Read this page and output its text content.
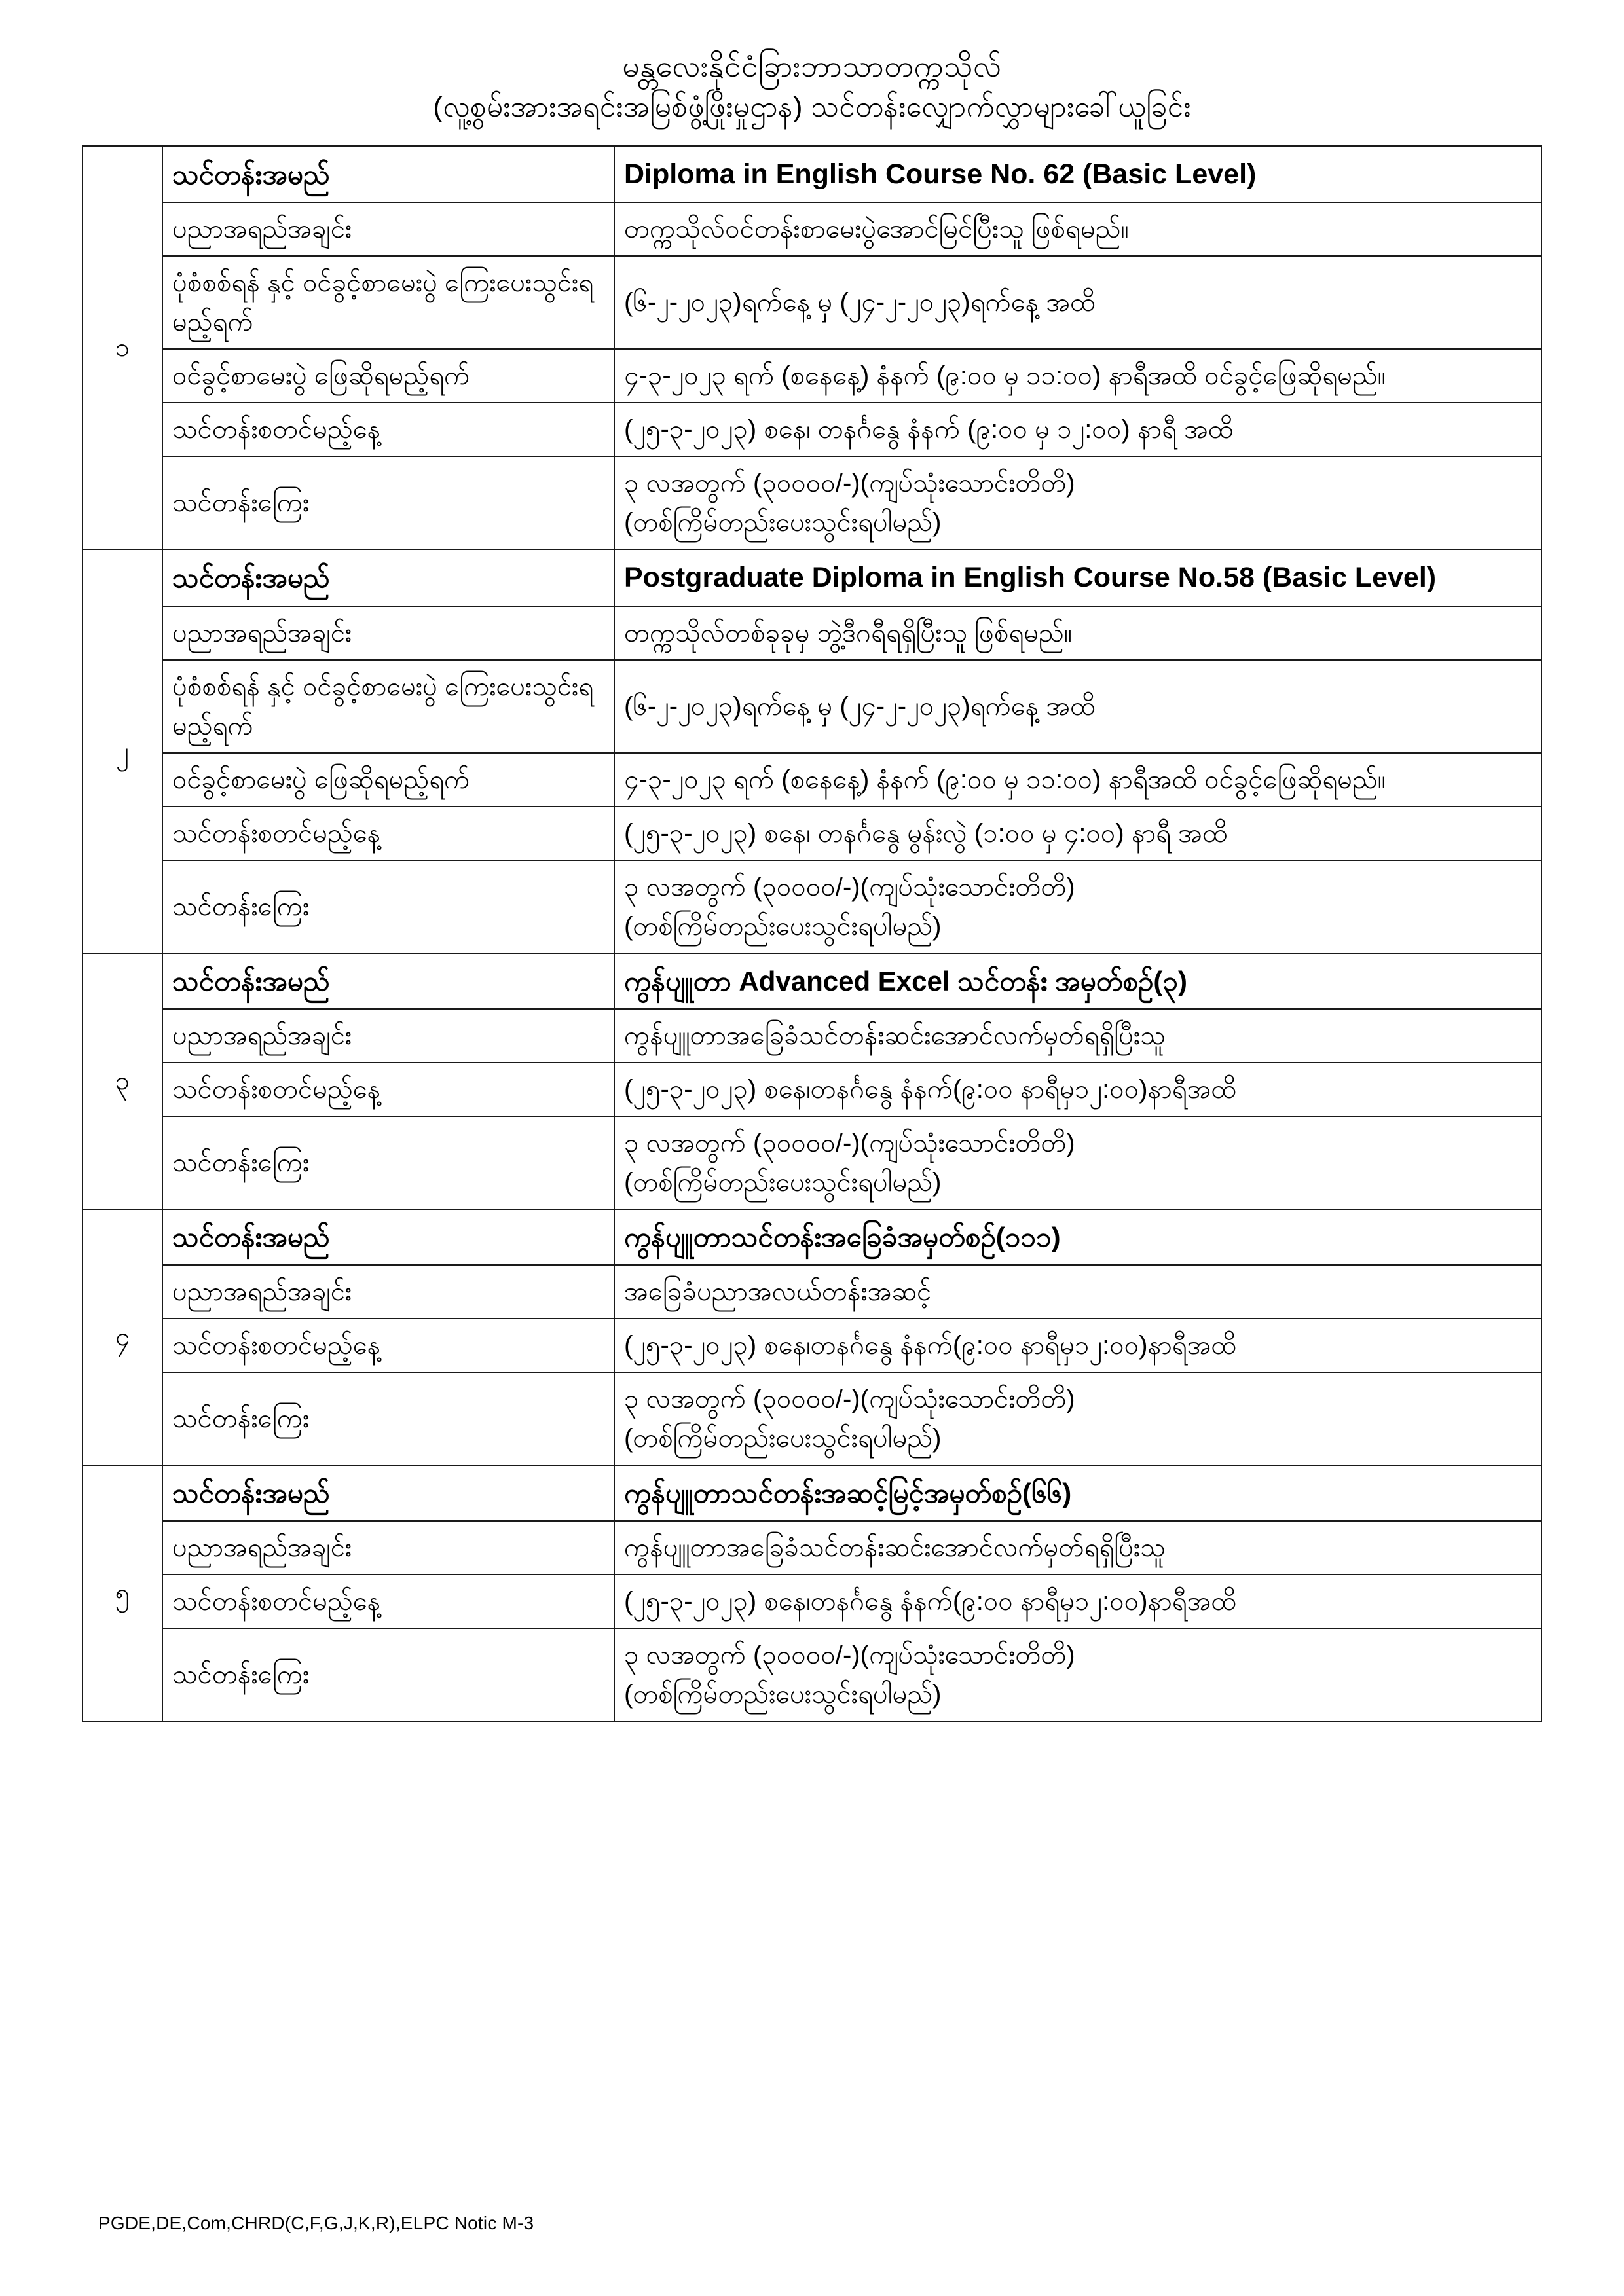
မန္တလေးနိုင်ငံခြားဘာသာတက္ကသိုလ်
(လူ့စွမ်းအားအရင်းအမြစ်ဖွံ့ဖြိုးမှုဌာန) သင်တန်းလျှောက်လွှာများခေါ်ယူခြင်း
၁	သင်တန်းအမည်	Diploma in English Course No. 62 (Basic Level)

	ပညာအရည်အချင်း	တက္ကသိုလ်ဝင်တန်းစာမေးပွဲအောင်မြင်ပြီးသူ ဖြစ်ရမည်။

	ပုံစံစစ်ရန် နှင့် ဝင်ခွင့်စာမေးပွဲ ကြေးပေးသွင်းရမည့်ရက်	(၆-၂-၂၀၂၃)ရက်နေ့ မှ (၂၄-၂-၂၀၂၃)ရက်နေ့ အထိ

	ဝင်ခွင့်စာမေးပွဲ ဖြေဆိုရမည့်ရက်	၄-၃-၂၀၂၃ ရက် (စနေနေ့) နံနက် (၉:၀၀ မှ ၁၁:၀၀) နာရီအထိ ဝင်ခွင့်ဖြေဆိုရမည်။

	သင်တန်းစတင်မည့်နေ့	(၂၅-၃-၂၀၂၃) စနေ၊ တနင်္ဂနွေ နံနက် (၉:၀၀ မှ ၁၂:၀၀) နာရီ အထိ

	သင်တန်းကြေး	၃ လအတွက် (၃၀၀၀၀/-)(ကျပ်သုံးသောင်းတိတိ)
(တစ်ကြိမ်တည်းပေးသွင်းရပါမည်)

၂	သင်တန်းအမည်	Postgraduate Diploma in English Course No.58 (Basic Level)

	ပညာအရည်အချင်း	တက္ကသိုလ်တစ်ခုခုမှ ဘွဲ့ဒီဂရီရရှိပြီးသူ ဖြစ်ရမည်။

	ပုံစံစစ်ရန် နှင့် ဝင်ခွင့်စာမေးပွဲ ကြေးပေးသွင်းရမည့်ရက်	(၆-၂-၂၀၂၃)ရက်နေ့ မှ (၂၄-၂-၂၀၂၃)ရက်နေ့ အထိ

	ဝင်ခွင့်စာမေးပွဲ ဖြေဆိုရမည့်ရက်	၄-၃-၂၀၂၃ ရက် (စနေနေ့) နံနက် (၉:၀၀ မှ ၁၁:၀၀) နာရီအထိ ဝင်ခွင့်ဖြေဆိုရမည်။

	သင်တန်းစတင်မည့်နေ့	(၂၅-၃-၂၀၂၃) စနေ၊ တနင်္ဂနွေ မွန်းလွဲ (၁:၀၀ မှ ၄:၀၀) နာရီ အထိ

	သင်တန်းကြေး	၃ လအတွက် (၃၀၀၀၀/-)(ကျပ်သုံးသောင်းတိတိ)
(တစ်ကြိမ်တည်းပေးသွင်းရပါမည်)

၃	သင်တန်းအမည်	ကွန်ပျူ​တာ Advanced Excel သင်တန်း အမှတ်စဉ်(၃)

	ပညာအရည်အချင်း	ကွန်ပျူ​တာအခြေခံသင်တန်းဆင်းအောင်လက်မှတ်ရရှိပြီးသူ

	သင်တန်းစတင်မည့်နေ့	(၂၅-၃-၂၀၂၃) စနေ၊တနင်္ဂနွေ နံနက်(၉:၀၀ နာရီမှ၁၂:၀၀)နာရီအထိ

	သင်တန်းကြေး	၃ လအတွက် (၃၀၀၀၀/-)(ကျပ်သုံးသောင်းတိတိ)
(တစ်ကြိမ်တည်းပေးသွင်းရပါမည်)

၄	သင်တန်းအမည်	ကွန်ပျူ​တာသင်တန်းအခြေခံအမှတ်စဉ်(၁၁၁)

	ပညာအရည်အချင်း	အခြေခံပညာအလယ်တန်းအဆင့်

	သင်တန်းစတင်မည့်နေ့	(၂၅-၃-၂၀၂၃) စနေ၊တနင်္ဂနွေ နံနက်(၉:၀၀ နာရီမှ၁၂:၀၀)နာရီအထိ

	သင်တန်းကြေး	၃ လအတွက် (၃၀၀၀၀/-)(ကျပ်သုံးသောင်းတိတိ)
(တစ်ကြိမ်တည်းပေးသွင်းရပါမည်)

၅	သင်တန်းအမည်	ကွန်ပျူ​တာသင်တန်းအဆင့်မြင့်အမှတ်စဉ်(၆၆)

	ပညာအရည်အချင်း	ကွန်ပျူ​တာအခြေခံသင်တန်းဆင်းအောင်လက်မှတ်ရရှိပြီးသူ

	သင်တန်းစတင်မည့်နေ့	(၂၅-၃-၂၀၂၃) စနေ၊တနင်္ဂနွေ နံနက်(၉:၀၀ နာရီမှ၁၂:၀၀)နာရီအထိ

	သင်တန်းကြေး	၃ လအတွက် (၃၀၀၀၀/-)(ကျပ်သုံးသောင်းတိတိ)
(တစ်ကြိမ်တည်းပေးသွင်းရပါမည်)
PGDE,DE,Com,CHRD(C,F,G,J,K,R),ELPC Notic M-3
